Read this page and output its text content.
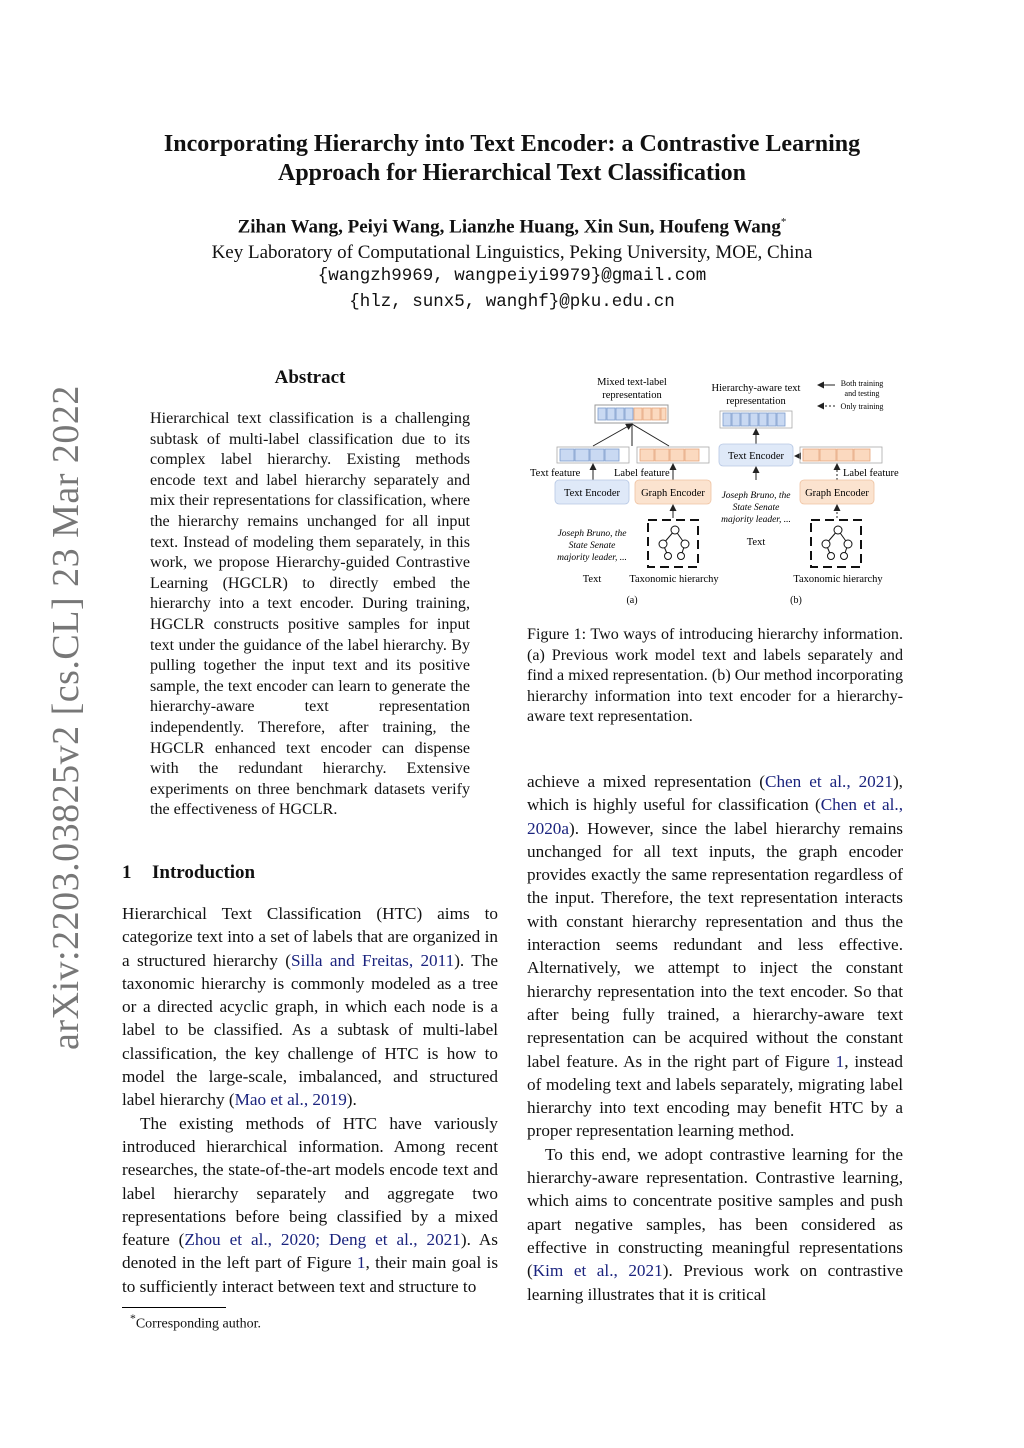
Incorporating Hierarchy into Text Encoder: a Contrastive Learning
Approach for Hierarchical Text Classification
Zihan Wang, Peiyi Wang, Lianzhe Huang, Xin Sun, Houfeng Wang*
Key Laboratory of Computational Linguistics, Peking University, MOE, China
{wangzh9969, wangpeiyi9979}@gmail.com
{hlz, sunx5, wanghf}@pku.edu.cn
arXiv:2203.03825v2 [cs.CL] 23 Mar 2022
Abstract
Hierarchical text classification is a challenging subtask of multi-label classification due to its complex label hierarchy. Existing methods encode text and label hierarchy separately and mix their representations for classification, where the hierarchy remains unchanged for all input text. Instead of modeling them separately, in this work, we propose Hierarchy-guided Contrastive Learning (HGCLR) to directly embed the hierarchy into a text encoder. During training, HGCLR constructs positive samples for input text under the guidance of the label hierarchy. By pulling together the input text and its positive sample, the text encoder can learn to generate the hierarchy-aware text representation independently. Therefore, after training, the HGCLR enhanced text encoder can dispense with the redundant hierarchy. Extensive experiments on three benchmark datasets verify the effectiveness of HGCLR.
1 Introduction

Hierarchical Text Classification (HTC) aims to categorize text into a set of labels that are organized in a structured hierarchy (Silla and Freitas, 2011). The taxonomic hierarchy is commonly modeled as a tree or a directed acyclic graph, in which each node is a label to be classified. As a subtask of multi-label classification, the key challenge of HTC is how to model the large-scale, imbalanced, and structured label hierarchy (Mao et al., 2019).

The existing methods of HTC have variously introduced hierarchical information. Among recent researches, the state-of-the-art models encode text and label hierarchy separately and aggregate two representations before being classified by a mixed feature (Zhou et al., 2020; Deng et al., 2021). As denoted in the left part of Figure 1, their main goal is to sufficiently interact between text and structure to

*Corresponding author.

achieve a mixed representation (Chen et al., 2021), which is highly useful for classification (Chen et al., 2020a). However, since the label hierarchy remains unchanged for all text inputs, the graph encoder provides exactly the same representation regardless of the input. Therefore, the text representation interacts with constant hierarchy representation and thus the interaction seems redundant and less effective. Alternatively, we attempt to inject the constant hierarchy representation into the text encoder. So that after being fully trained, a hierarchy-aware text representation can be acquired without the constant label feature. As in the right part of Figure 1, instead of modeling text and labels separately, migrating label hierarchy into text encoding may benefit HTC by a proper representation learning method.

To this end, we adopt contrastive learning for the hierarchy-aware representation. Contrastive learning, which aims to concentrate positive samples and push apart negative samples, has been considered as effective in constructing meaningful representations (Kim et al., 2021). Previous work on contrastive learning illustrates that it is critical

Mixed text-label
representation
Text feature	Label feature
Text Encoder Graph Encoder
Joseph Bruno, the
State Senate
majority leader, ...
Text	Taxonomic hierarchy
(a)
Hierarchy-aware text
representation
Text Encoder
Both training
and testing
Only training
Label feature
Graph Encoder
Joseph Bruno, the
State Senate
majority leader, ...
Text
Taxonomic hierarchy
(b)
Figure 1: Two ways of introducing hierarchy information. (a) Previous work model text and labels separately and find a mixed representation. (b) Our method incorporating hierarchy information into text encoder for a hierarchy-aware text representation.
